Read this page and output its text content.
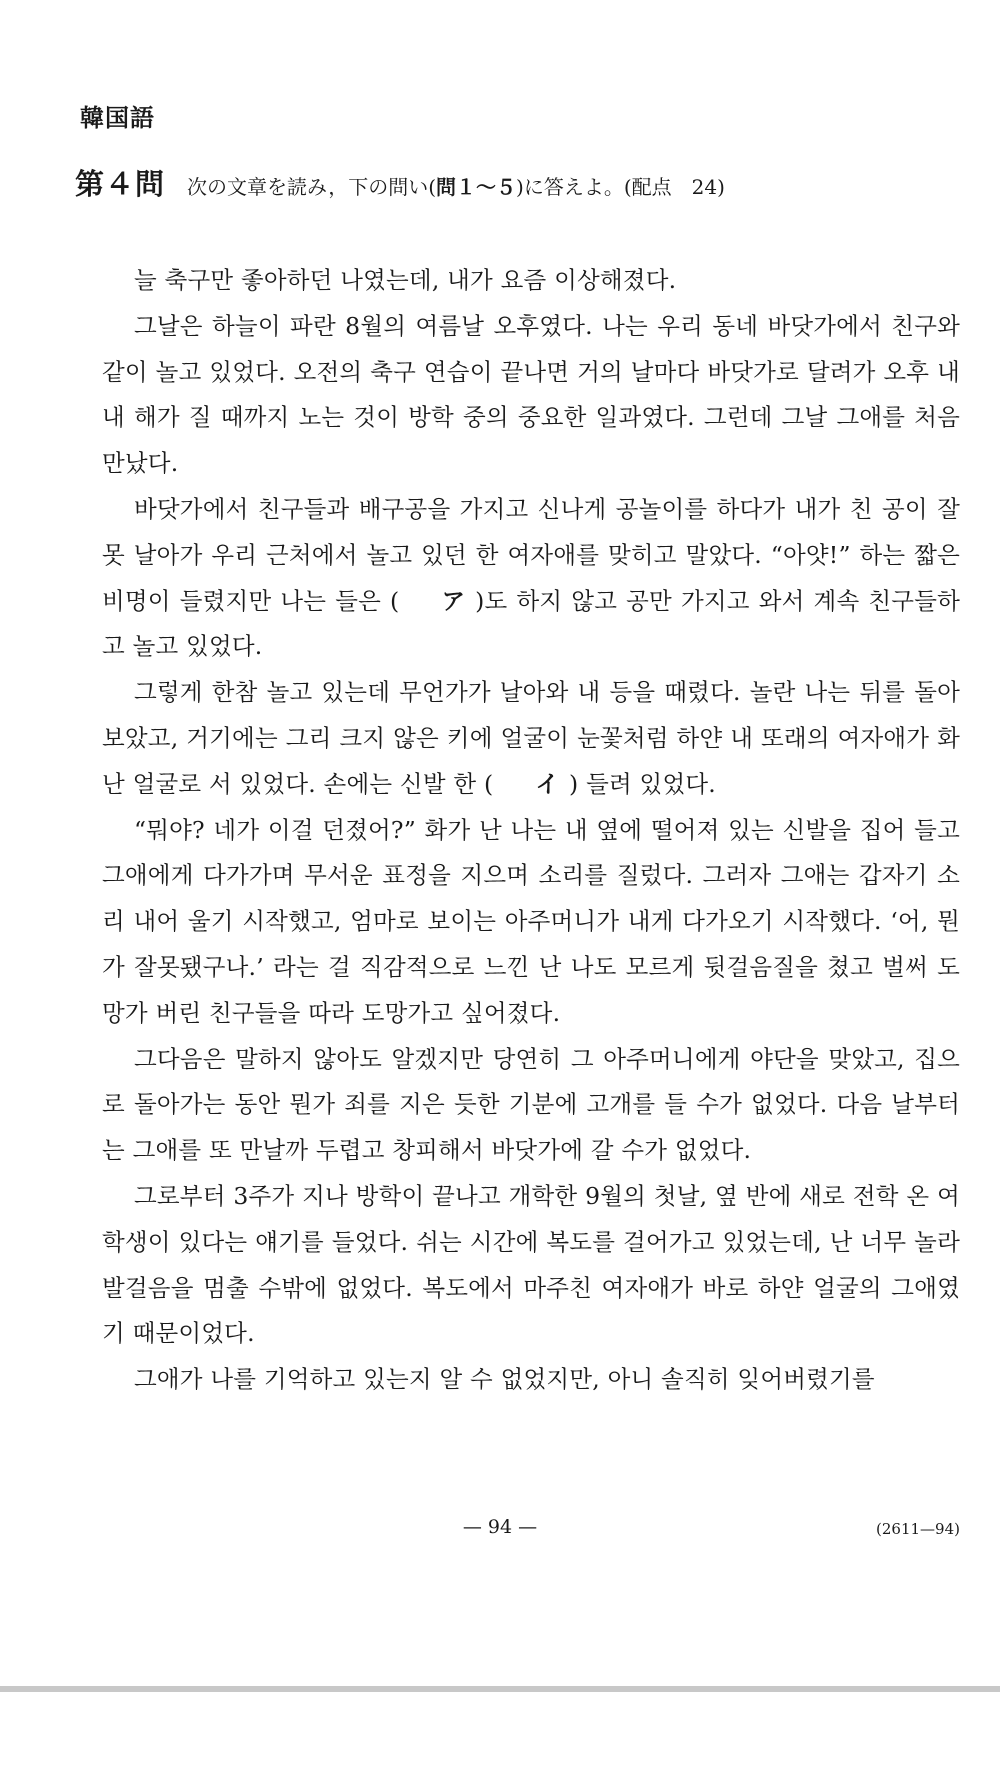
韓国語
第４問 次の文章を読み，下の問い(問１～５)に答えよ。(配点　24)

늘 축구만 좋아하던 나였는데, 내가 요즘 이상해졌다.

그날은 하늘이 파란 8월의 여름날 오후였다. 나는 우리 동네 바닷가에서 친구와 같이 놀고 있었다. 오전의 축구 연습이 끝나면 거의 날마다 바닷가로 달려가 오후 내내 해가 질 때까지 노는 것이 방학 중의 중요한 일과였다. 그런데 그날 그애를 처음 만났다.

바닷가에서 친구들과 배구공을 가지고 신나게 공놀이를 하다가 내가 친 공이 잘못 날아가 우리 근처에서 놀고 있던 한 여자애를 맞히고 말았다. “아얏!” 하는 짧은 비명이 들렸지만 나는 들은 ( ア )도 하지 않고 공만 가지고 와서 계속 친구들하고 놀고 있었다.

그렇게 한참 놀고 있는데 무언가가 날아와 내 등을 때렸다. 놀란 나는 뒤를 돌아보았고, 거기에는 그리 크지 않은 키에 얼굴이 눈꽃처럼 하얀 내 또래의 여자애가 화난 얼굴로 서 있었다. 손에는 신발 한 ( イ ) 들려 있었다.

“뭐야? 네가 이걸 던졌어?” 화가 난 나는 내 옆에 떨어져 있는 신발을 집어 들고 그애에게 다가가며 무서운 표정을 지으며 소리를 질렀다. 그러자 그애는 갑자기 소리 내어 울기 시작했고, 엄마로 보이는 아주머니가 내게 다가오기 시작했다. ‘어, 뭔가 잘못됐구나.’ 라는 걸 직감적으로 느낀 난 나도 모르게 뒷걸음질을 쳤고 벌써 도망가 버린 친구들을 따라 도망가고 싶어졌다.

그다음은 말하지 않아도 알겠지만 당연히 그 아주머니에게 야단을 맞았고, 집으로 돌아가는 동안 뭔가 죄를 지은 듯한 기분에 고개를 들 수가 없었다. 다음 날부터는 그애를 또 만날까 두렵고 창피해서 바닷가에 갈 수가 없었다.

그로부터 3주가 지나 방학이 끝나고 개학한 9월의 첫날, 옆 반에 새로 전학 온 여학생이 있다는 얘기를 들었다. 쉬는 시간에 복도를 걸어가고 있었는데, 난 너무 놀라 발걸음을 멈출 수밖에 없었다. 복도에서 마주친 여자애가 바로 하얀 얼굴의 그애였기 때문이었다.

그애가 나를 기억하고 있는지 알 수 없었지만, 아니 솔직히 잊어버렸기를

— 94 —	(2611—94)
